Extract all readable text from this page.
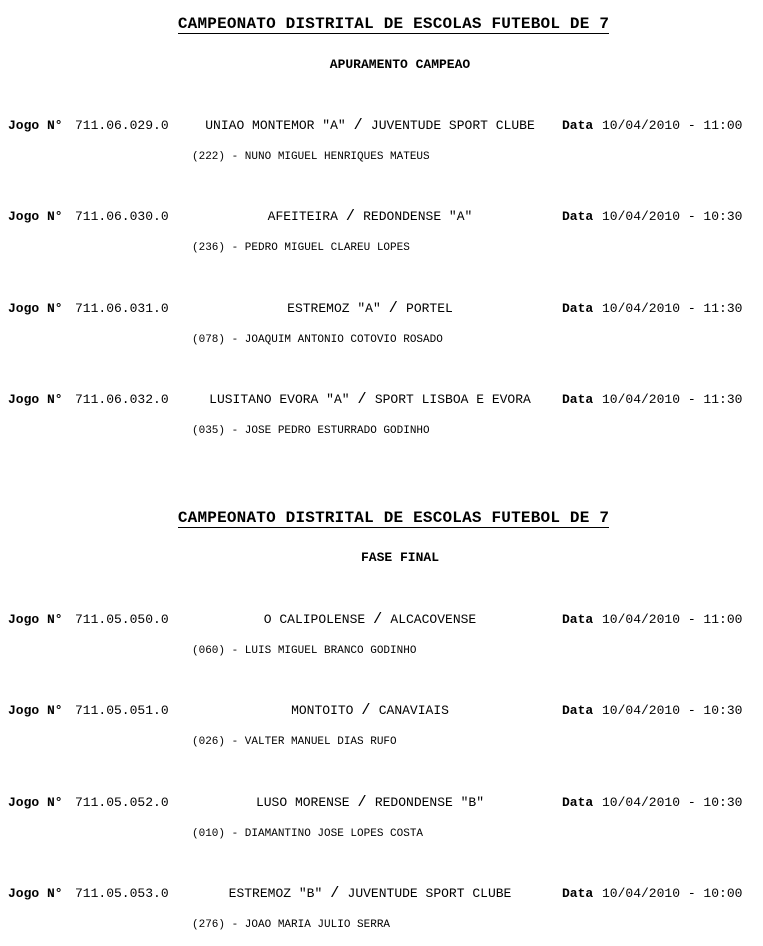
CAMPEONATO DISTRITAL DE ESCOLAS FUTEBOL DE 7
APURAMENTO CAMPEAO
Jogo N° 711.06.029.0	UNIAO MONTEMOR "A" / JUVENTUDE SPORT CLUBE	Data 10/04/2010 - 11:00
(222) - NUNO MIGUEL HENRIQUES MATEUS
Jogo N° 711.06.030.0	AFEITEIRA / REDONDENSE "A"	Data 10/04/2010 - 10:30
(236) - PEDRO MIGUEL CLAREU LOPES
Jogo N° 711.06.031.0	ESTREMOZ "A" / PORTEL	Data 10/04/2010 - 11:30
(078) - JOAQUIM ANTONIO COTOVIO ROSADO
Jogo N° 711.06.032.0	LUSITANO EVORA "A" / SPORT LISBOA E EVORA	Data 10/04/2010 - 11:30
(035) - JOSE PEDRO ESTURRADO GODINHO
CAMPEONATO DISTRITAL DE ESCOLAS FUTEBOL DE 7
FASE FINAL
Jogo N° 711.05.050.0	O CALIPOLENSE / ALCACOVENSE	Data 10/04/2010 - 11:00
(060) - LUIS MIGUEL BRANCO GODINHO
Jogo N° 711.05.051.0	MONTOITO / CANAVIAIS	Data 10/04/2010 - 10:30
(026) - VALTER MANUEL DIAS RUFO
Jogo N° 711.05.052.0	LUSO MORENSE / REDONDENSE "B"	Data 10/04/2010 - 10:30
(010) - DIAMANTINO JOSE LOPES COSTA
Jogo N° 711.05.053.0	ESTREMOZ "B" / JUVENTUDE SPORT CLUBE	Data 10/04/2010 - 10:00
(276) - JOAO MARIA JULIO SERRA
